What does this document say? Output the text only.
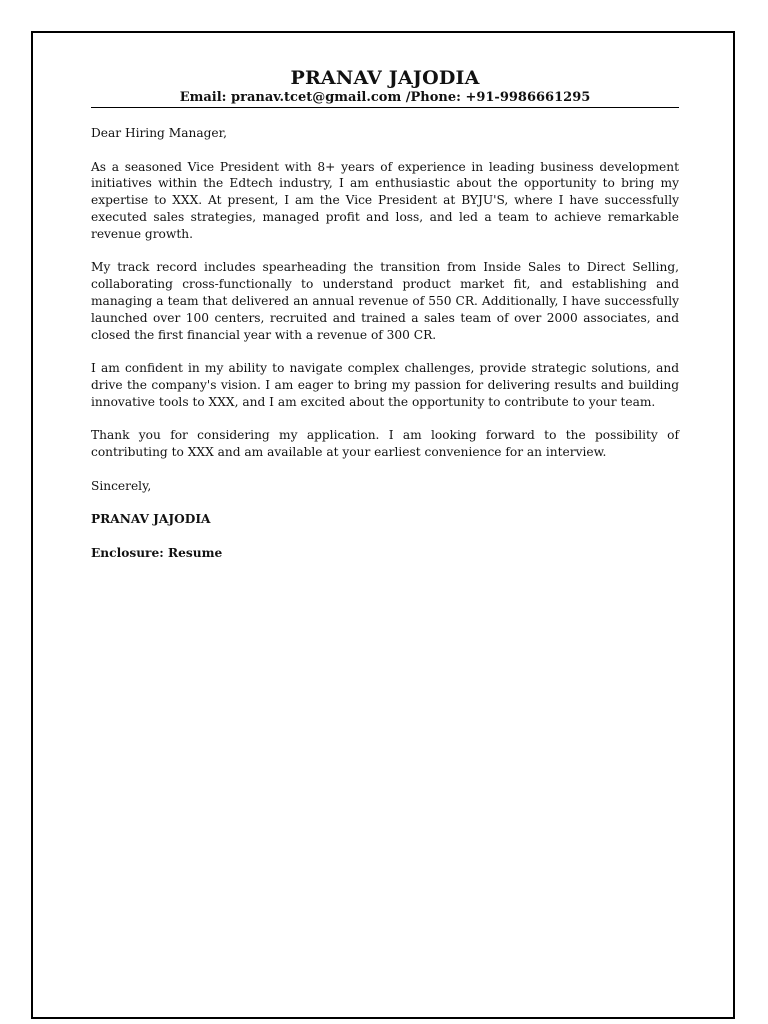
PRANAV JAJODIA
Email: pranav.tcet@gmail.com /Phone: +91-9986661295

Dear Hiring Manager,

As a seasoned Vice President with 8+ years of experience in leading business development initiatives within the Edtech industry, I am enthusiastic about the opportunity to bring my expertise to XXX. At present, I am the Vice President at BYJU'S, where I have successfully executed sales strategies, managed profit and loss, and led a team to achieve remarkable revenue growth.

My track record includes spearheading the transition from Inside Sales to Direct Selling, collaborating cross-functionally to understand product market fit, and establishing and managing a team that delivered an annual revenue of 550 CR. Additionally, I have successfully launched over 100 centers, recruited and trained a sales team of over 2000 associates, and closed the first financial year with a revenue of 300 CR.

I am confident in my ability to navigate complex challenges, provide strategic solutions, and drive the company's vision. I am eager to bring my passion for delivering results and building innovative tools to XXX, and I am excited about the opportunity to contribute to your team.

Thank you for considering my application. I am looking forward to the possibility of contributing to XXX and am available at your earliest convenience for an interview.

Sincerely,

PRANAV JAJODIA

Enclosure: Resume
